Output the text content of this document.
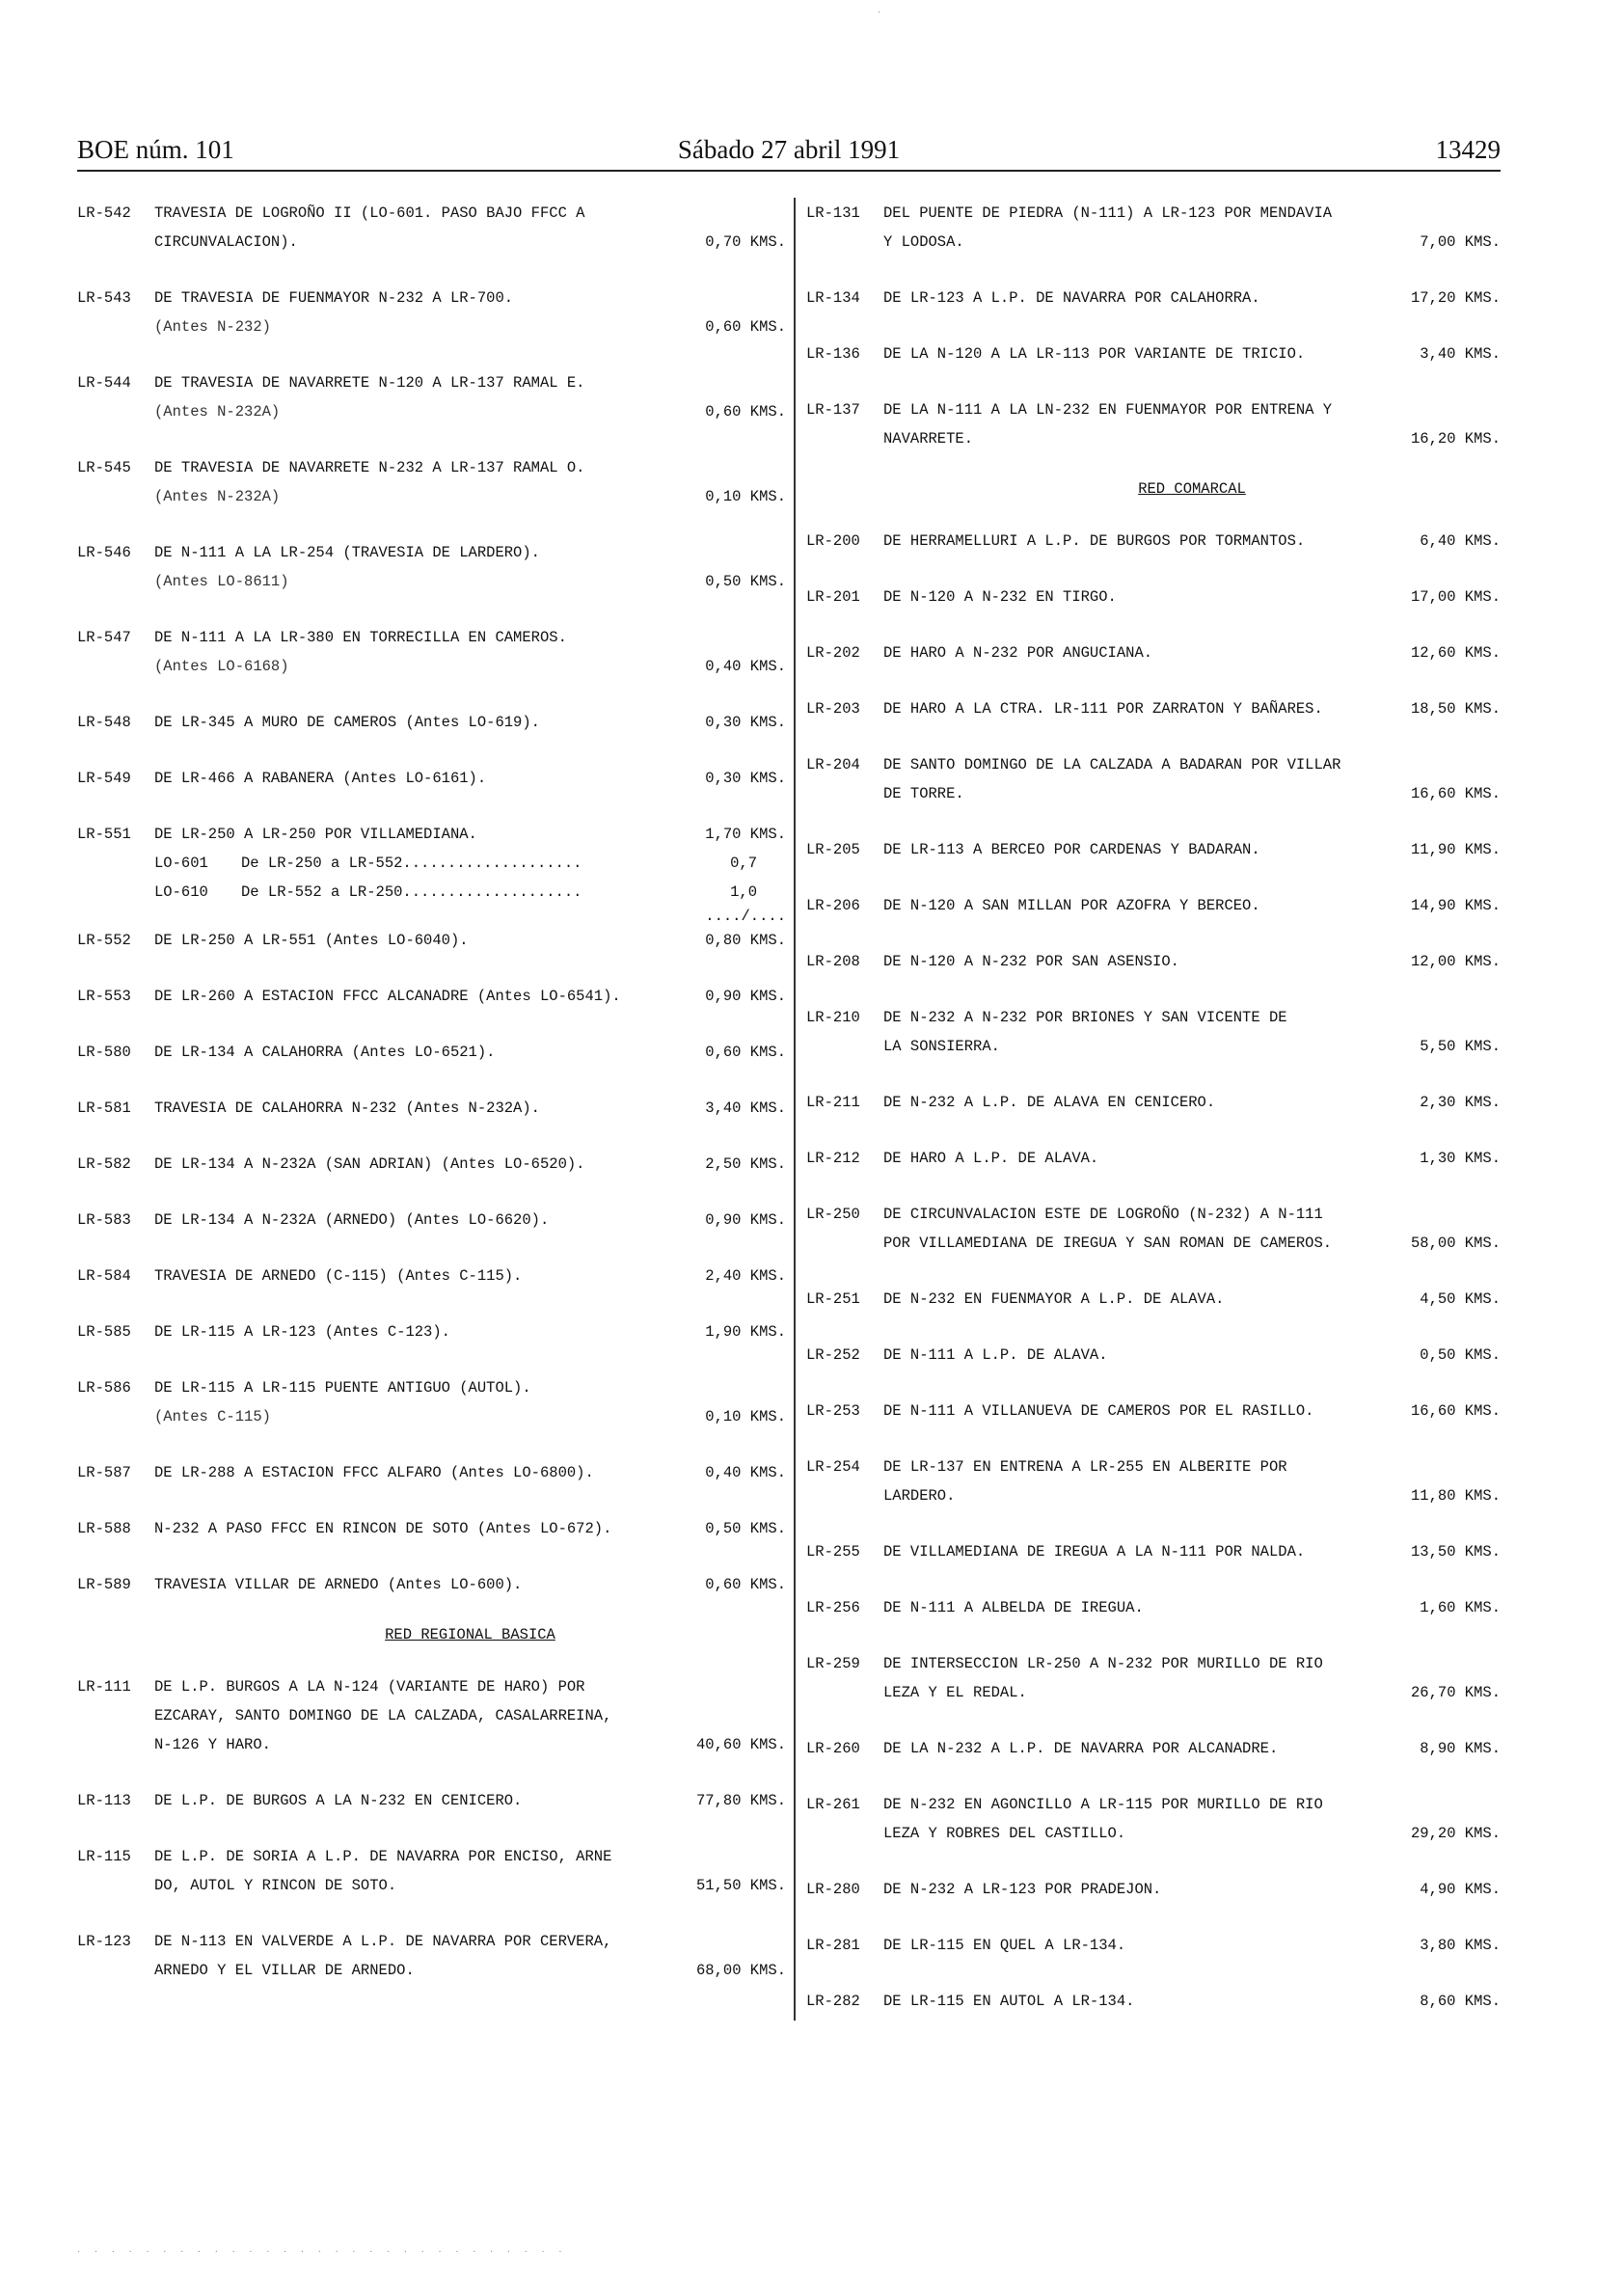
BOE núm. 101	Sábado 27 abril 1991	13429
LR-542	TRAVESIA DE LOGROÑO II (LO-601. PASO BAJO FFCC A
CIRCUNVALACION).	0,70 KMS.
LR-543	DE TRAVESIA DE FUENMAYOR N-232 A LR-700.
(Antes N-232)	0,60 KMS.
LR-544	DE TRAVESIA DE NAVARRETE N-120 A LR-137 RAMAL E.
(Antes N-232A)	0,60 KMS.
LR-545	DE TRAVESIA DE NAVARRETE N-232 A LR-137 RAMAL O.
(Antes N-232A)	0,10 KMS.
LR-546	DE N-111 A LA LR-254 (TRAVESIA DE LARDERO).
(Antes LO-8611)	0,50 KMS.
LR-547	DE N-111 A LA LR-380 EN TORRECILLA EN CAMEROS.
(Antes LO-6168)	0,40 KMS.
LR-548	DE LR-345 A MURO DE CAMEROS (Antes LO-619).	0,30 KMS.
LR-549	DE LR-466 A RABANERA (Antes LO-6161).	0,30 KMS.
LR-551	DE LR-250 A LR-250 POR VILLAMEDIANA.	1,70 KMS.
LO-601 De LR-250 a LR-552....................	0,7
LO-610 De LR-552 a LR-250....................	1,0
..../....
LR-552	DE LR-250 A LR-551 (Antes LO-6040).	0,80 KMS.
LR-553	DE LR-260 A ESTACION FFCC ALCANADRE (Antes LO-6541).	0,90 KMS.
LR-580	DE LR-134 A CALAHORRA (Antes LO-6521).	0,60 KMS.
LR-581	TRAVESIA DE CALAHORRA N-232 (Antes N-232A).	3,40 KMS.
LR-582	DE LR-134 A N-232A (SAN ADRIAN) (Antes LO-6520).	2,50 KMS.
LR-583	DE LR-134 A N-232A (ARNEDO) (Antes LO-6620).	0,90 KMS.
LR-584	TRAVESIA DE ARNEDO (C-115) (Antes C-115).	2,40 KMS.
LR-585	DE LR-115 A LR-123 (Antes C-123).	1,90 KMS.
LR-586	DE LR-115 A LR-115 PUENTE ANTIGUO (AUTOL).
(Antes C-115)	0,10 KMS.
LR-587	DE LR-288 A ESTACION FFCC ALFARO (Antes LO-6800).	0,40 KMS.
LR-588	N-232 A PASO FFCC EN RINCON DE SOTO (Antes LO-672).	0,50 KMS.
LR-589	TRAVESIA VILLAR DE ARNEDO (Antes LO-600).	0,60 KMS.
RED REGIONAL BASICA
LR-111	DE L.P. BURGOS A LA N-124 (VARIANTE DE HARO) POR
EZCARAY, SANTO DOMINGO DE LA CALZADA, CASALARREINA,
N-126 Y HARO.	40,60 KMS.
LR-113	DE L.P. DE BURGOS A LA N-232 EN CENICERO.	77,80 KMS.
LR-115	DE L.P. DE SORIA A L.P. DE NAVARRA POR ENCISO, ARNE
DO, AUTOL Y RINCON DE SOTO.	51,50 KMS.
LR-123	DE N-113 EN VALVERDE A L.P. DE NAVARRA POR CERVERA,
ARNEDO Y EL VILLAR DE ARNEDO.	68,00 KMS.
LR-131	DEL PUENTE DE PIEDRA (N-111) A LR-123 POR MENDAVIA
Y LODOSA.	7,00 KMS.
LR-134	DE LR-123 A L.P. DE NAVARRA POR CALAHORRA.	17,20 KMS.
LR-136	DE LA N-120 A LA LR-113 POR VARIANTE DE TRICIO.	3,40 KMS.
LR-137	DE LA N-111 A LA LN-232 EN FUENMAYOR POR ENTRENA Y
NAVARRETE.	16,20 KMS.
RED COMARCAL
LR-200	DE HERRAMELLURI A L.P. DE BURGOS POR TORMANTOS.	6,40 KMS.
LR-201	DE N-120 A N-232 EN TIRGO.	17,00 KMS.
LR-202	DE HARO A N-232 POR ANGUCIANA.	12,60 KMS.
LR-203	DE HARO A LA CTRA. LR-111 POR ZARRATON Y BAÑARES.	18,50 KMS.
LR-204	DE SANTO DOMINGO DE LA CALZADA A BADARAN POR VILLAR
DE TORRE.	16,60 KMS.
LR-205	DE LR-113 A BERCEO POR CARDENAS Y BADARAN.	11,90 KMS.
LR-206	DE N-120 A SAN MILLAN POR AZOFRA Y BERCEO.	14,90 KMS.
LR-208	DE N-120 A N-232 POR SAN ASENSIO.	12,00 KMS.
LR-210	DE N-232 A N-232 POR BRIONES Y SAN VICENTE DE
LA SONSIERRA.	5,50 KMS.
LR-211	DE N-232 A L.P. DE ALAVA EN CENICERO.	2,30 KMS.
LR-212	DE HARO A L.P. DE ALAVA.	1,30 KMS.
LR-250	DE CIRCUNVALACION ESTE DE LOGROÑO (N-232) A N-111
POR VILLAMEDIANA DE IREGUA Y SAN ROMAN DE CAMEROS.	58,00 KMS.
LR-251	DE N-232 EN FUENMAYOR A L.P. DE ALAVA.	4,50 KMS.
LR-252	DE N-111 A L.P. DE ALAVA.	0,50 KMS.
LR-253	DE N-111 A VILLANUEVA DE CAMEROS POR EL RASILLO.	16,60 KMS.
LR-254	DE LR-137 EN ENTRENA A LR-255 EN ALBERITE POR
LARDERO.	11,80 KMS.
LR-255	DE VILLAMEDIANA DE IREGUA A LA N-111 POR NALDA.	13,50 KMS.
LR-256	DE N-111 A ALBELDA DE IREGUA.	1,60 KMS.
LR-259	DE INTERSECCION LR-250 A N-232 POR MURILLO DE RIO
LEZA Y EL REDAL.	26,70 KMS.
LR-260	DE LA N-232 A L.P. DE NAVARRA POR ALCANADRE.	8,90 KMS.
LR-261	DE N-232 EN AGONCILLO A LR-115 POR MURILLO DE RIO
LEZA Y ROBRES DEL CASTILLO.	29,20 KMS.
LR-280	DE N-232 A LR-123 POR PRADEJON.	4,90 KMS.
LR-281	DE LR-115 EN QUEL A LR-134.	3,80 KMS.
LR-282	DE LR-115 EN AUTOL A LR-134.	8,60 KMS.
·
· · · · · · · · · · · · · · · · · · · · · · · · · · · · ·
